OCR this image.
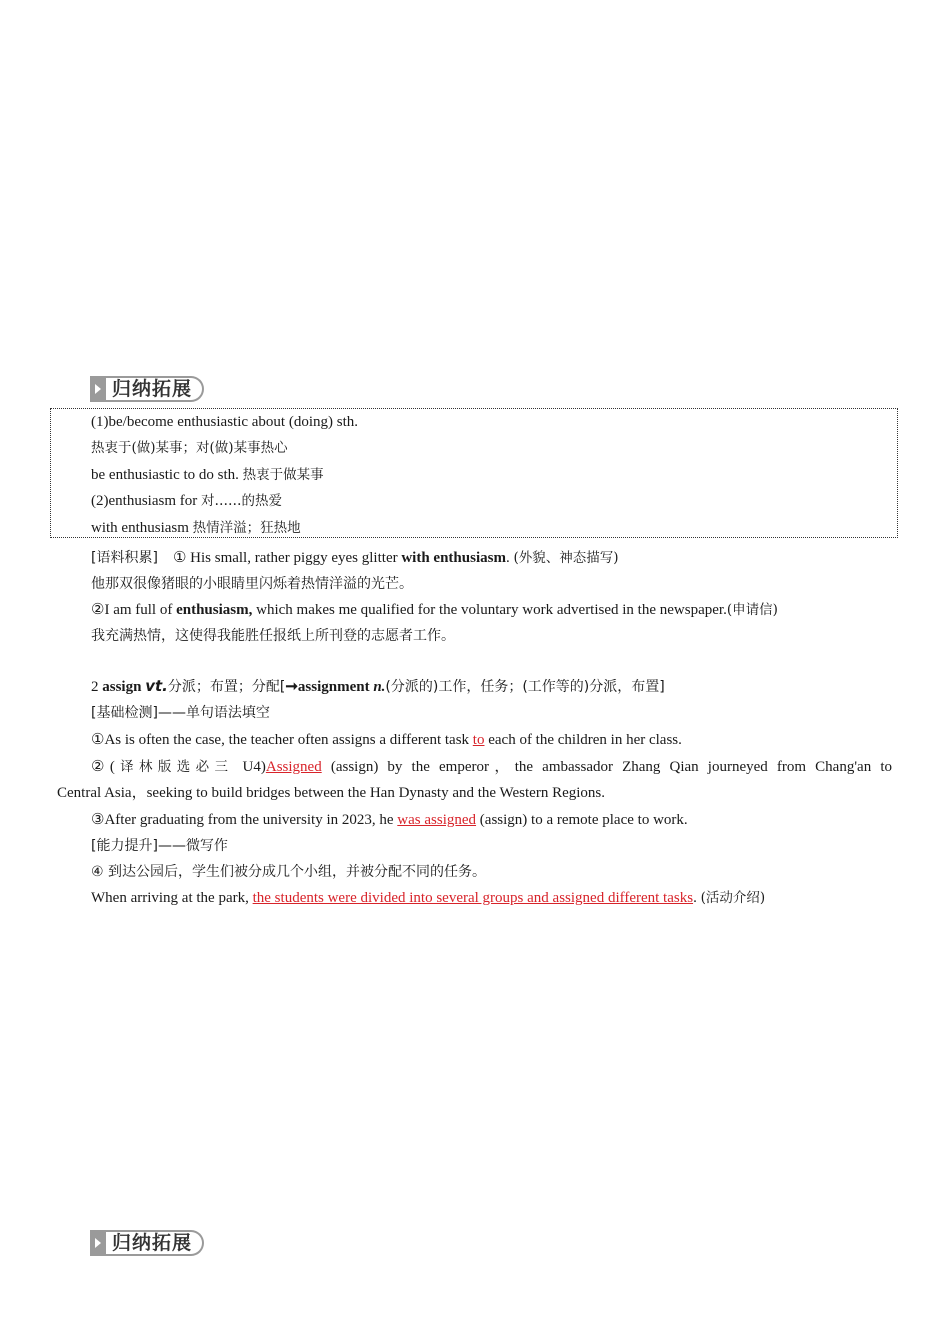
归纳拓展
(1)be/become enthusiastic about (doing) sth.
热衷于(做)某事；对(做)某事热心
be enthusiastic to do sth. 热衷于做某事
(2)enthusiasm for 对……的热爱
with enthusiasm 热情洋溢；狂热地
[语料积累] ① His small, rather piggy eyes glitter with enthusiasm. (外貌、神态描写)
他那双很像猪眼的小眼睛里闪烁着热情洋溢的光芒。
②I am full of enthusiasm, which makes me qualified for the voluntary work advertised in the newspaper.(申请信)
我充满热情，这使得我能胜任报纸上所刊登的志愿者工作。
2 assign vt.分派；布置；分配[➞assignment n.(分派的)工作，任务；(工作等的)分派，布置]
[基础检测]——单句语法填空
①As is often the case, the teacher often assigns a different task to each of the children in her class.
②(译林版选必三 U4)Assigned (assign) by the emperor，the ambassador Zhang Qian journeyed from Chang'an to
Central Asia，seeking to build bridges between the Han Dynasty and the Western Regions.
③After graduating from the university in 2023, he was assigned (assign) to a remote place to work.
[能力提升]——微写作
④ 到达公园后，学生们被分成几个小组，并被分配不同的任务。
When arriving at the park, the students were divided into several groups and assigned different tasks. (活动介绍)
归纳拓展
